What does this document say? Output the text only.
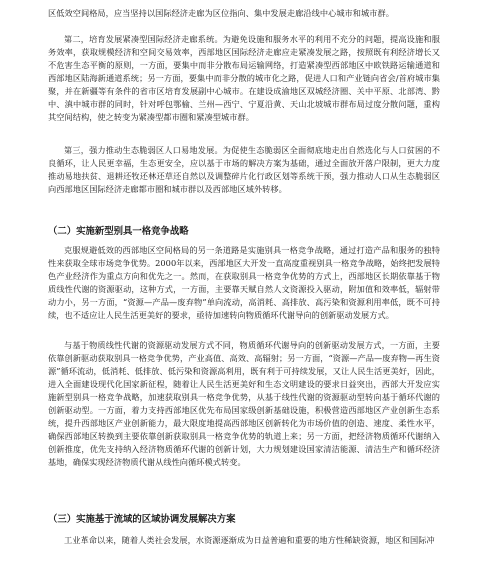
区低效空间格局，应当坚持以国际经济走廊为区位指向、集中发展走廊沿线中心城市和城市群。

第二，培育发展紧凑型国际经济走廊系统。为避免设施和服务水平的利用不充分的问题，提高设施和服务效率，获取规模经济和空间交易效率，西部地区国际经济走廊应走紧凑发展之路，按照既有利经济增长又不危害生态平衡的原则，一方面，要集中而非分散布局运输网络，打造紧凑型西部地区中欧铁路运输通道和西部地区陆海新通道系统；另一方面，要集中而非分散的城市化之路，促进人口和产业链向省会/首府城市集聚，并在新疆等有条件的省市区培育发展副中心城市。在建设成渝地区双城经济圈、关中平原、北部湾、黔中、滇中城市群的同时，针对呼包鄂榆、兰州—西宁、宁夏沿黄、天山北坡城市群布局过度分散问题，重构其空间结构，使之转变为紧凑型都市圈和紧凑型城市群。

第三，强力推动生态脆弱区人口易地发展。为促使生态脆弱区全面彻底地走出自然选化与人口贫困的不良循环，让人民更幸福，生态更安全，应以基于市场的解决方案为基础，通过全面放开落户限制，更大力度推动易地扶贫、退耕还牧还林还草还自然以及调整碎片化行政区划等系统干预，强力推动人口从生态脆弱区向西部地区国际经济走廊都市圈和城市群以及西部地区域外转移。

（二）实施新型别具一格竞争战略

克服规避低效的西部地区空间格局的另一条道路是实施别具一格竞争战略，通过打造产品和服务的独特性来获取全球市场竞争优势。2000年以来，西部地区大开发一直高度重视别具一格竞争战略，始终把发展特色产业经济作为重点方向和优先之一。然而，在获取别具一格竞争优势的方式上，西部地区长期依靠基于物质线性代谢的资源驱动，这种方式，一方面，主要靠天赋自然人文资源投入驱动，附加值和效率低，辐射带动力小，另一方面，“资源—产品—废弃物”单向流动，高消耗、高排放、高污染和资源利用率低，既不可持续，也不适应让人民生活更美好的要求，亟待加速转向物质循环代谢导向的创新驱动发展方式。

与基于物质线性代谢的资源驱动发展方式不同，物质循环代谢导向的创新驱动发展方式，一方面，主要依靠创新驱动获取别具一格竞争优势，产业高值、高效、高辐射；另一方面，“资源—产品—废弃物—再生资源”循环流动，低消耗、低排放、低污染和资源高利用，既有利于可持续发展，又让人民生活更美好，因此，进入全面建设现代化国家新征程，随着让人民生活更美好和生态文明建设的要求日益突出，西部大开发应实施新型别具一格竞争战略，加速获取别具一格竞争优势，从基于线性代谢的资源驱动型转向基于循环代谢的创新驱动型。一方面，着力支持西部地区优先布局国家级创新基础设施，积极营造西部地区产业创新生态系统，提升西部地区产业创新能力，最大限度地提高西部地区创新转化为市场价值的创造、速度、柔性水平，确保西部地区转换到主要依靠创新获取别具一格竞争优势的轨道上来；另一方面，把经济物质循环代谢纳入创新推度，优先支持纳入经济物质循环代谢的创新计划，大力规划建设国家清洁能源、清洁生产和循环经济基地，确保实现经济物质代谢从线性向循环模式转变。

（三）实施基于流域的区域协调发展解决方案

工业革命以来，随着人类社会发展，水资源逐渐成为日益普遍和重要的地方性稀缺资源，地区和国际冲
